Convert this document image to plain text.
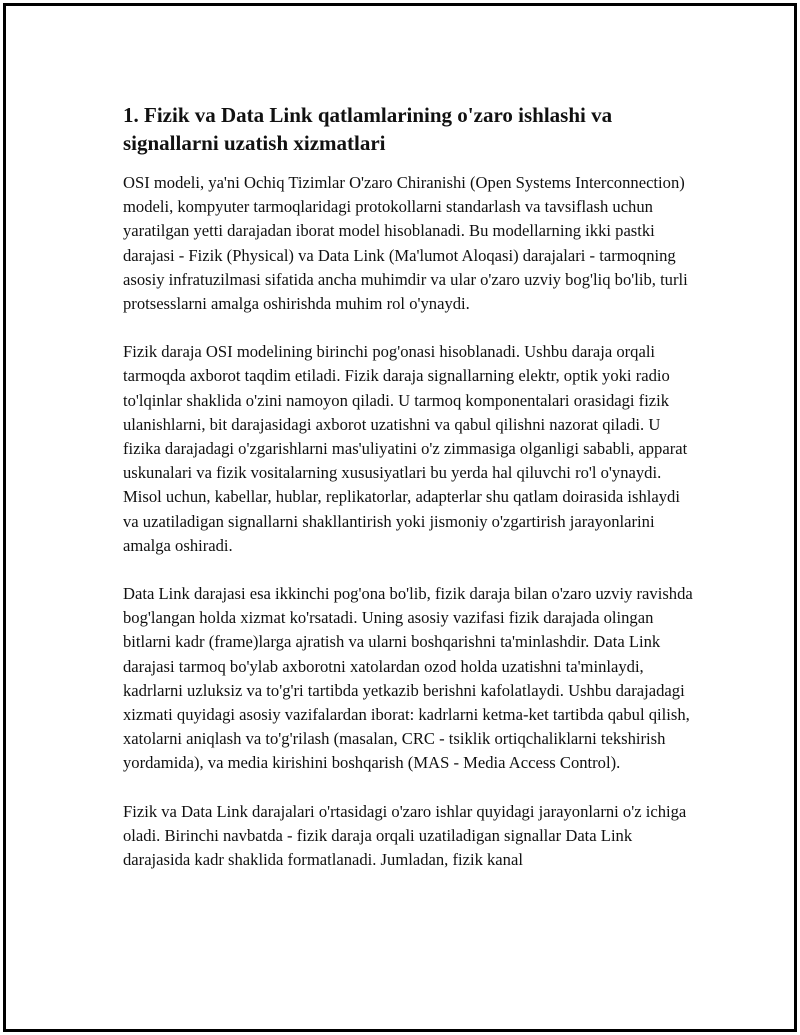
1. Fizik va Data Link qatlamlarining o'zaro ishlashi va signallarni uzatish xizmatlari

OSI modeli, ya'ni Ochiq Tizimlar O'zaro Chiranishi (Open Systems Interconnection) modeli, kompyuter tarmoqlaridagi protokollarni standarlash va tavsiflash uchun yaratilgan yetti darajadan iborat model hisoblanadi. Bu modellarning ikki pastki darajasi - Fizik (Physical) va Data Link (Ma'lumot Aloqasi) darajalari - tarmoqning asosiy infratuzilmasi sifatida ancha muhimdir va ular o'zaro uzviy bog'liq bo'lib, turli protsesslarni amalga oshirishda muhim rol o'ynaydi.

Fizik daraja OSI modelining birinchi pog'onasi hisoblanadi. Ushbu daraja orqali tarmoqda axborot taqdim etiladi. Fizik daraja signallarning elektr, optik yoki radio to'lqinlar shaklida o'zini namoyon qiladi. U tarmoq komponentalari orasidagi fizik ulanishlarni, bit darajasidagi axborot uzatishni va qabul qilishni nazorat qiladi. U fizika darajadagi o'zgarishlarni mas'uliyatini o'z zimmasiga olganligi sababli, apparat uskunalari va fizik vositalarning xususiyatlari bu yerda hal qiluvchi ro'l o'ynaydi. Misol uchun, kabellar, hublar, replikatorlar, adapterlar shu qatlam doirasida ishlaydi va uzatiladigan signallarni shakllantirish yoki jismoniy o'zgartirish jarayonlarini amalga oshiradi.

Data Link darajasi esa ikkinchi pog'ona bo'lib, fizik daraja bilan o'zaro uzviy ravishda bog'langan holda xizmat ko'rsatadi. Uning asosiy vazifasi fizik darajada olingan bitlarni kadr (frame)larga ajratish va ularni boshqarishni ta'minlashdir. Data Link darajasi tarmoq bo'ylab axborotni xatolardan ozod holda uzatishni ta'minlaydi, kadrlarni uzluksiz va to'g'ri tartibda yetkazib berishni kafolatlaydi. Ushbu darajadagi xizmati quyidagi asosiy vazifalardan iborat: kadrlarni ketma-ket tartibda qabul qilish, xatolarni aniqlash va to'g'rilash (masalan, CRC - tsiklik ortiqchaliklarni tekshirish yordamida), va media kirishini boshqarish (MAS - Media Access Control).

Fizik va Data Link darajalari o'rtasidagi o'zaro ishlar quyidagi jarayonlarni o'z ichiga oladi. Birinchi navbatda - fizik daraja orqali uzatiladigan signallar Data Link darajasida kadr shaklida formatlanadi. Jumladan, fizik kanal
